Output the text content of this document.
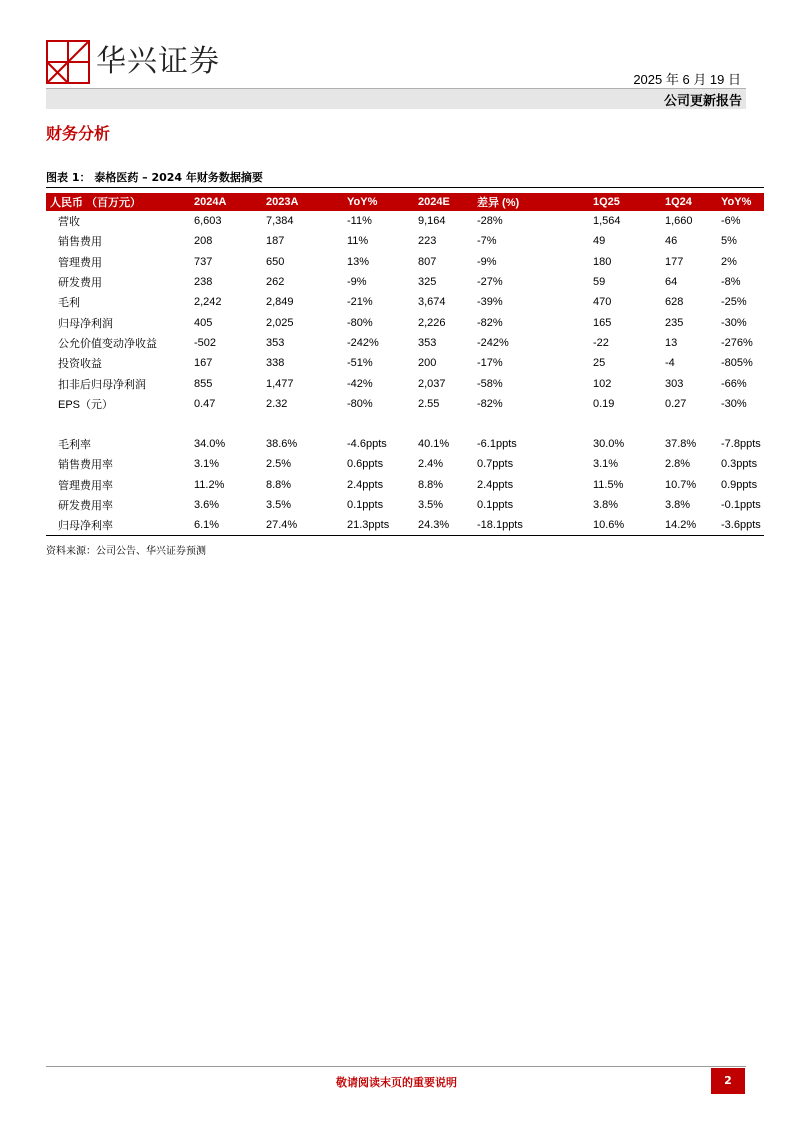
华兴证券
2025 年 6 月 19 日
公司更新报告
财务分析
图表 1： 泰格医药 – 2024 年财务数据摘要
人民币 （百万元）	2024A	2023A	YoY%	2024E	差异 (%)	1Q25	1Q24	YoY%
营收	6,603	7,384	-11%	9,164	-28%	1,564	1,660	-6%
销售费用	208	187	11%	223	-7%	49	46	5%
管理费用	737	650	13%	807	-9%	180	177	2%
研发费用	238	262	-9%	325	-27%	59	64	-8%
毛利	2,242	2,849	-21%	3,674	-39%	470	628	-25%
归母净利润	405	2,025	-80%	2,226	-82%	165	235	-30%
公允价值变动净收益	-502	353	-242%	353	-242%	-22	13	-276%
投资收益	167	338	-51%	200	-17%	25	-4	-805%
扣非后归母净利润	855	1,477	-42%	2,037	-58%	102	303	-66%
EPS（元）	0.47	2.32	-80%	2.55	-82%	0.19	0.27	-30%

毛利率	34.0%	38.6%	-4.6ppts	40.1%	-6.1ppts	30.0%	37.8%	-7.8ppts
销售费用率	3.1%	2.5%	0.6ppts	2.4%	0.7ppts	3.1%	2.8%	0.3ppts
管理费用率	11.2%	8.8%	2.4ppts	8.8%	2.4ppts	11.5%	10.7%	0.9ppts
研发费用率	3.6%	3.5%	0.1ppts	3.5%	0.1ppts	3.8%	3.8%	-0.1ppts
归母净利率	6.1%	27.4%	21.3ppts	24.3%	-18.1ppts	10.6%	14.2%	-3.6ppts
资料来源：公司公告、华兴证券预测
敬请阅读末页的重要说明	2
